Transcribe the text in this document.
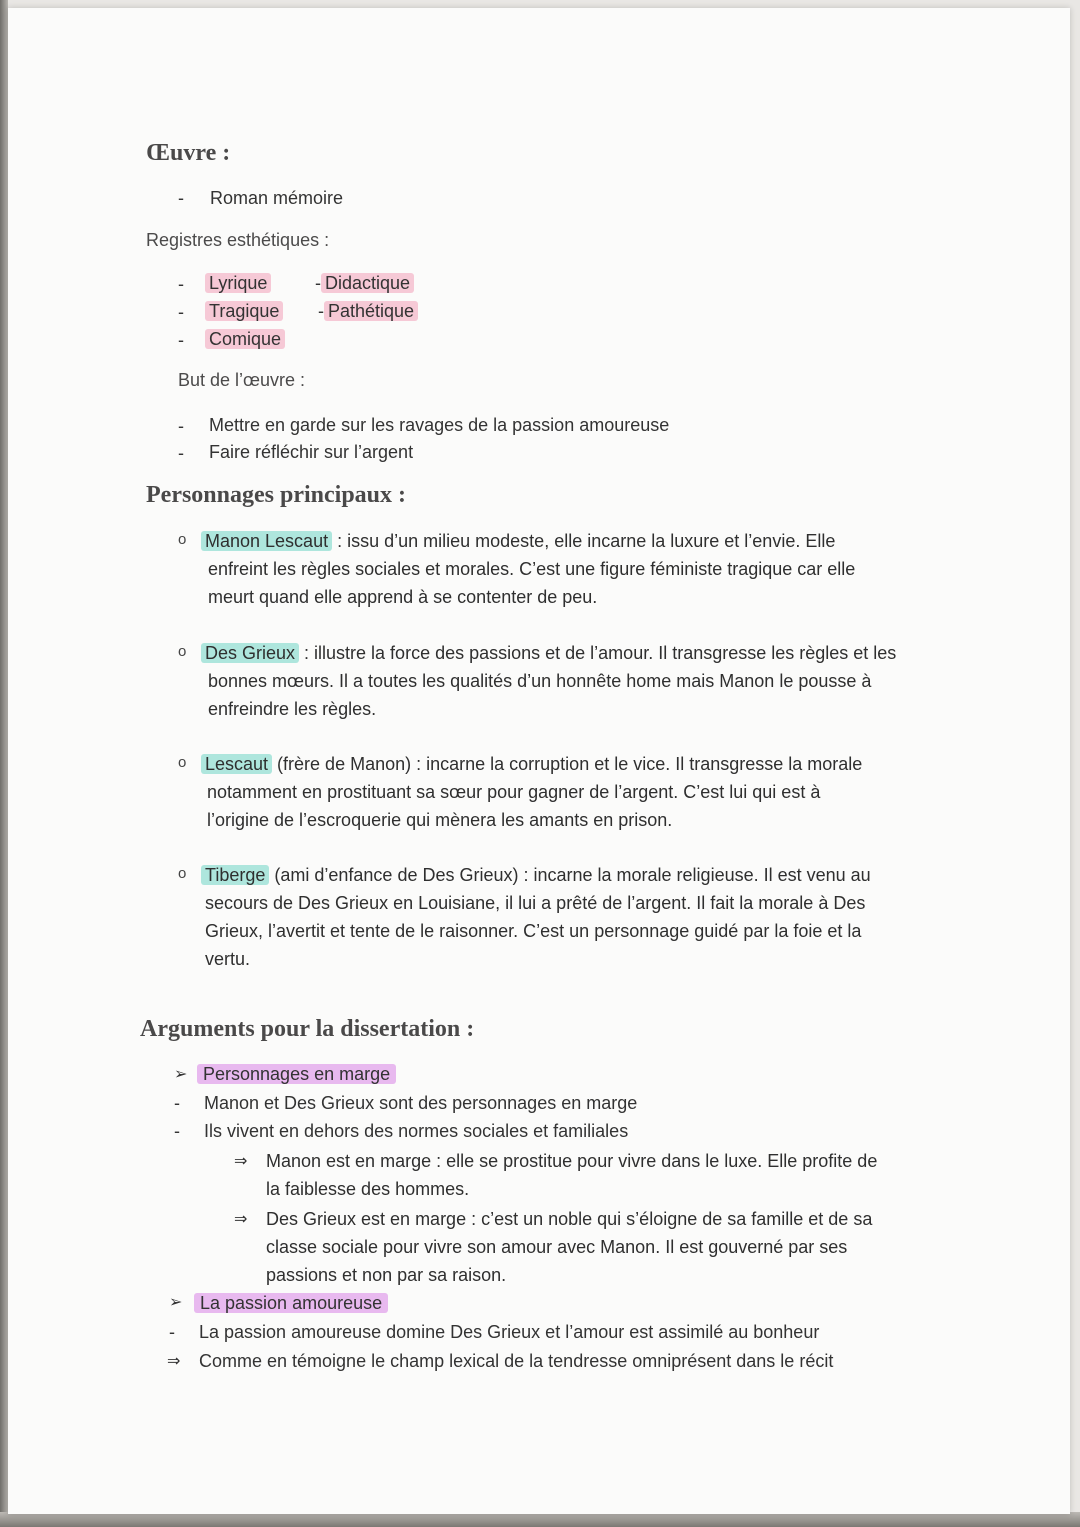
Œuvre :
- Roman mémoire

Registres esthétiques :

- Lyrique
- Tragique
- Comique
- Didactique
- Pathétique

But de l’œuvre :

- Mettre en garde sur les ravages de la passion amoureuse
- Faire réfléchir sur l’argent
Personnages principaux :
o Manon Lescaut : issu d’un milieu modeste, elle incarne la luxure et l’envie. Elle
enfreint les règles sociales et morales. C’est une figure féministe tragique car elle
meurt quand elle apprend à se contenter de peu.
o Des Grieux : illustre la force des passions et de l’amour. Il transgresse les règles et les
bonnes mœurs. Il a toutes les qualités d’un honnête home mais Manon le pousse à
enfreindre les règles.
o Lescaut (frère de Manon) : incarne la corruption et le vice. Il transgresse la morale
notamment en prostituant sa sœur pour gagner de l’argent. C’est lui qui est à
l’origine de l’escroquerie qui mènera les amants en prison.
o Tiberge (ami d’enfance de Des Grieux) : incarne la morale religieuse. Il est venu au
secours de Des Grieux en Louisiane, il lui a prêté de l’argent. Il fait la morale à Des
Grieux, l’avertit et tente de le raisonner. C’est un personnage guidé par la foie et la
vertu.
Arguments pour la dissertation :
➢ Personnages en marge
- Manon et Des Grieux sont des personnages en marge
- Ils vivent en dehors des normes sociales et familiales
⇒ Manon est en marge : elle se prostitue pour vivre dans le luxe. Elle profite de
la faiblesse des hommes.
⇒ Des Grieux est en marge : c’est un noble qui s’éloigne de sa famille et de sa
classe sociale pour vivre son amour avec Manon. Il est gouverné par ses
passions et non par sa raison.
➢ La passion amoureuse
- La passion amoureuse domine Des Grieux et l’amour est assimilé au bonheur
⇒ Comme en témoigne le champ lexical de la tendresse omniprésent dans le récit
